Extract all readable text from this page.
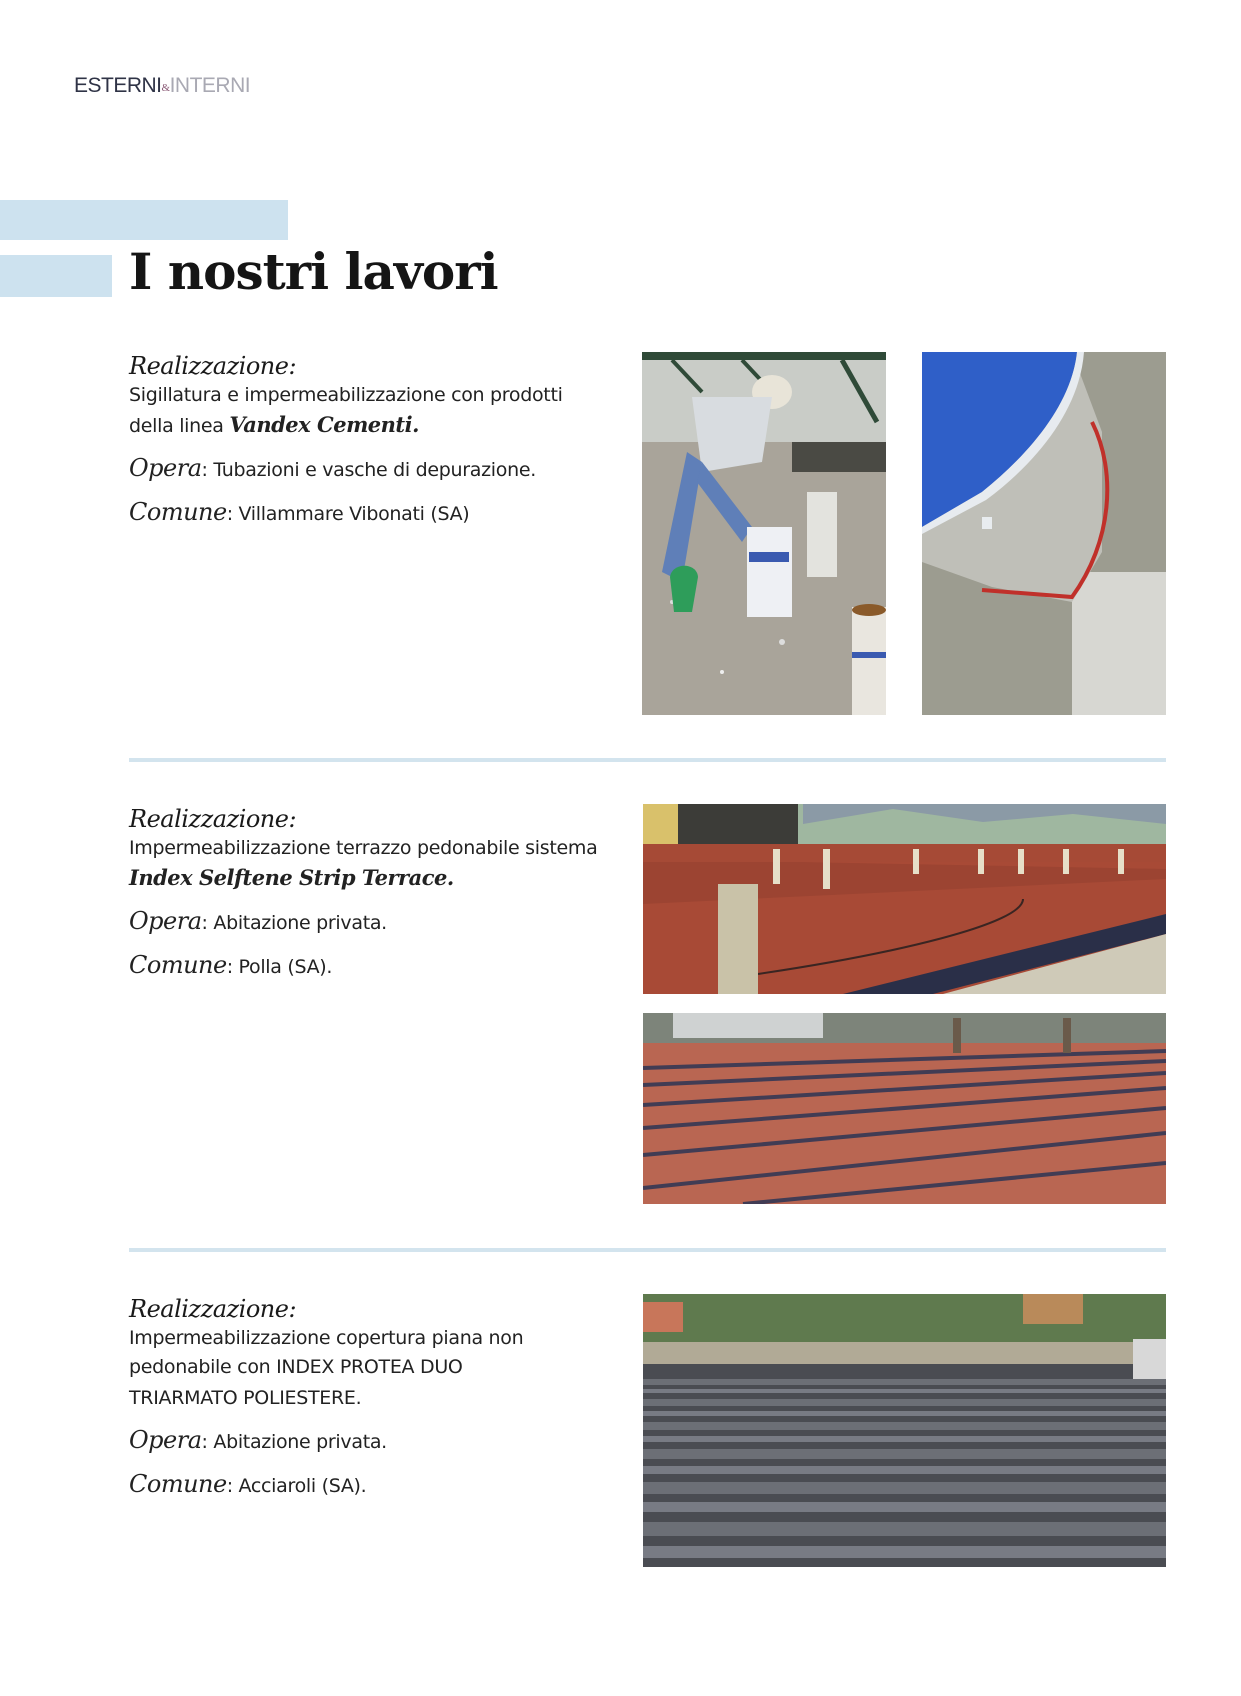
ESTERNI&INTERNI
I nostri lavori
Realizzazione:
Sigillatura e impermeabilizzazione con prodotti della linea Vandex Cementi.
Opera: Tubazioni e vasche di depurazione.
Comune: Villammare Vibonati (SA)
Realizzazione:
Impermeabilizzazione terrazzo pedonabile sistema Index Selftene Strip Terrace.
Opera: Abitazione privata.
Comune: Polla (SA).
Realizzazione:
Impermeabilizzazione copertura piana non pedonabile con INDEX PROTEA DUO TRIARMATO POLIESTERE.
Opera: Abitazione privata.
Comune: Acciaroli (SA).
